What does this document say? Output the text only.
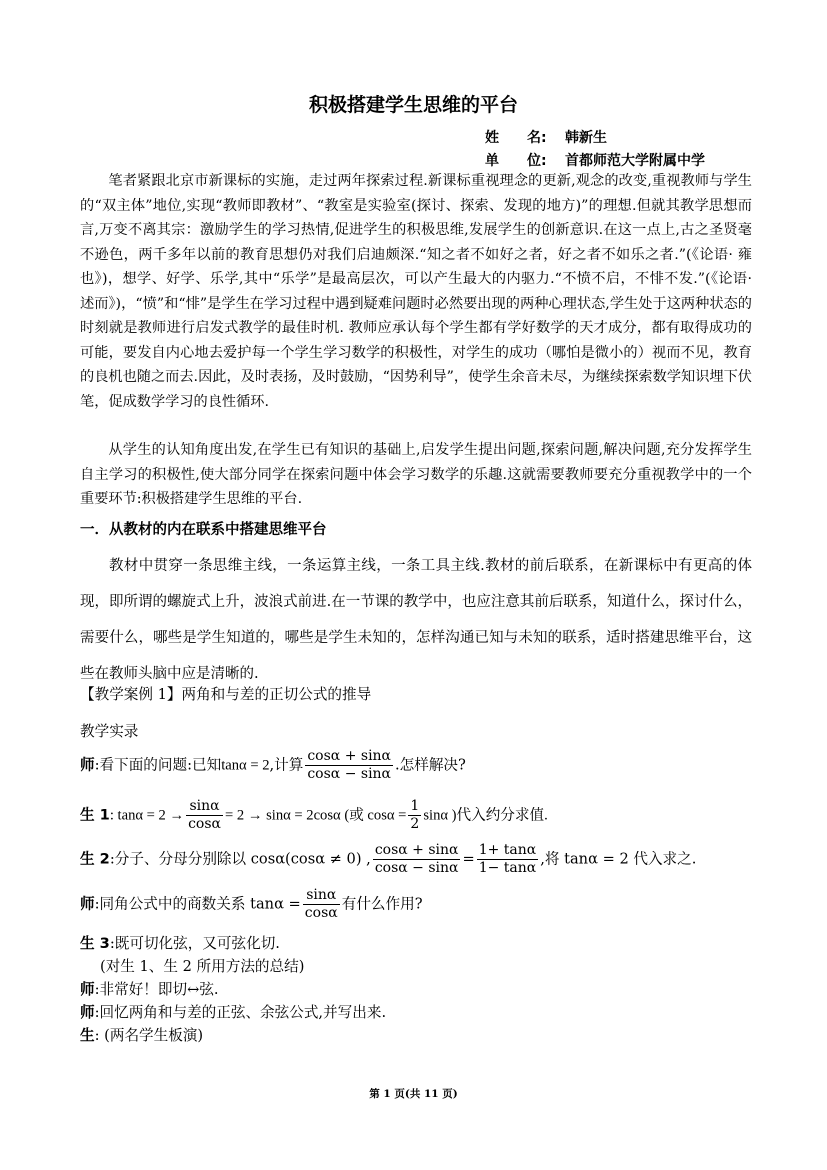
积极搭建学生思维的平台
姓　　名: 韩新生
单　　位: 首都师范大学附属中学

笔者紧跟北京市新课标的实施，走过两年探索过程.新课标重视理念的更新,观念的改变,重视教师与学生的“双主体”地位,实现“教师即教材”、“教室是实验室(探讨、探索、发现的地方)”的理想.但就其教学思想而言,万变不离其宗：激励学生的学习热情,促进学生的积极思维,发展学生的创新意识.在这一点上,古之圣贤毫不逊色，两千多年以前的教育思想仍对我们启迪颇深.“知之者不如好之者，好之者不如乐之者.”(《论语· 雍也》)，想学、好学、乐学,其中“乐学”是最高层次，可以产生最大的内驱力.“不愤不启，不悱不发.”(《论语· 述而》)，“愤”和“悱”是学生在学习过程中遇到疑难问题时必然要出现的两种心理状态,学生处于这两种状态的时刻就是教师进行启发式教学的最佳时机. 教师应承认每个学生都有学好数学的天才成分，都有取得成功的可能，要发自内心地去爱护每一个学生学习数学的积极性，对学生的成功（哪怕是微小的）视而不见，教育的良机也随之而去.因此，及时表扬，及时鼓励，“因势利导”，使学生余音未尽，为继续探索数学知识埋下伏笔，促成数学学习的良性循环.

从学生的认知角度出发,在学生已有知识的基础上,启发学生提出问题,探索问题,解决问题,充分发挥学生自主学习的积极性,使大部分同学在探索问题中体会学习数学的乐趣.这就需要教师要充分重视教学中的一个重要环节:积极搭建学生思维的平台.

一．从教材的内在联系中搭建思维平台

教材中贯穿一条思维主线，一条运算主线，一条工具主线.教材的前后联系，在新课标中有更高的体现，即所谓的螺旋式上升，波浪式前进.在一节课的教学中，也应注意其前后联系，知道什么，探讨什么，需要什么，哪些是学生知道的，哪些是学生未知的，怎样沟通已知与未知的联系，适时搭建思维平台，这些在教师头脑中应是清晰的.

【教学案例 1】两角和与差的正切公式的推导
教学实录
师:看下面的问题:已知tanα = 2,计算 $\frac{\cos\alpha + \sin\alpha}{\cos\alpha - \sin\alpha}$ .怎样解决?
生 1: $\tan\alpha = 2 \to \frac{\sin\alpha}{\cos\alpha} = 2 \to \sin\alpha = 2\cos\alpha$ (或 $\cos\alpha = \frac{1}{2}$ sinα )代入约分求值.
生 2:分子、分母分别除以 cosα(cosα ≠ 0) , $\frac{\cos\alpha + \sin\alpha}{\cos\alpha - \sin\alpha} = \frac{1+ \tan\alpha}{1- \tan\alpha}$ ,将 tanα = 2 代入求之.
师:同角公式中的商数关系 $\tan\alpha = \frac{\sin\alpha}{\cos\alpha}$ 有什么作用?
生 3:既可切化弦，又可弦化切.
(对生 1、生 2 所用方法的总结)
师:非常好！即切↔弦.
师:回忆两角和与差的正弦、余弦公式,并写出来.
生: (两名学生板演)
第 1 页(共 11 页)
